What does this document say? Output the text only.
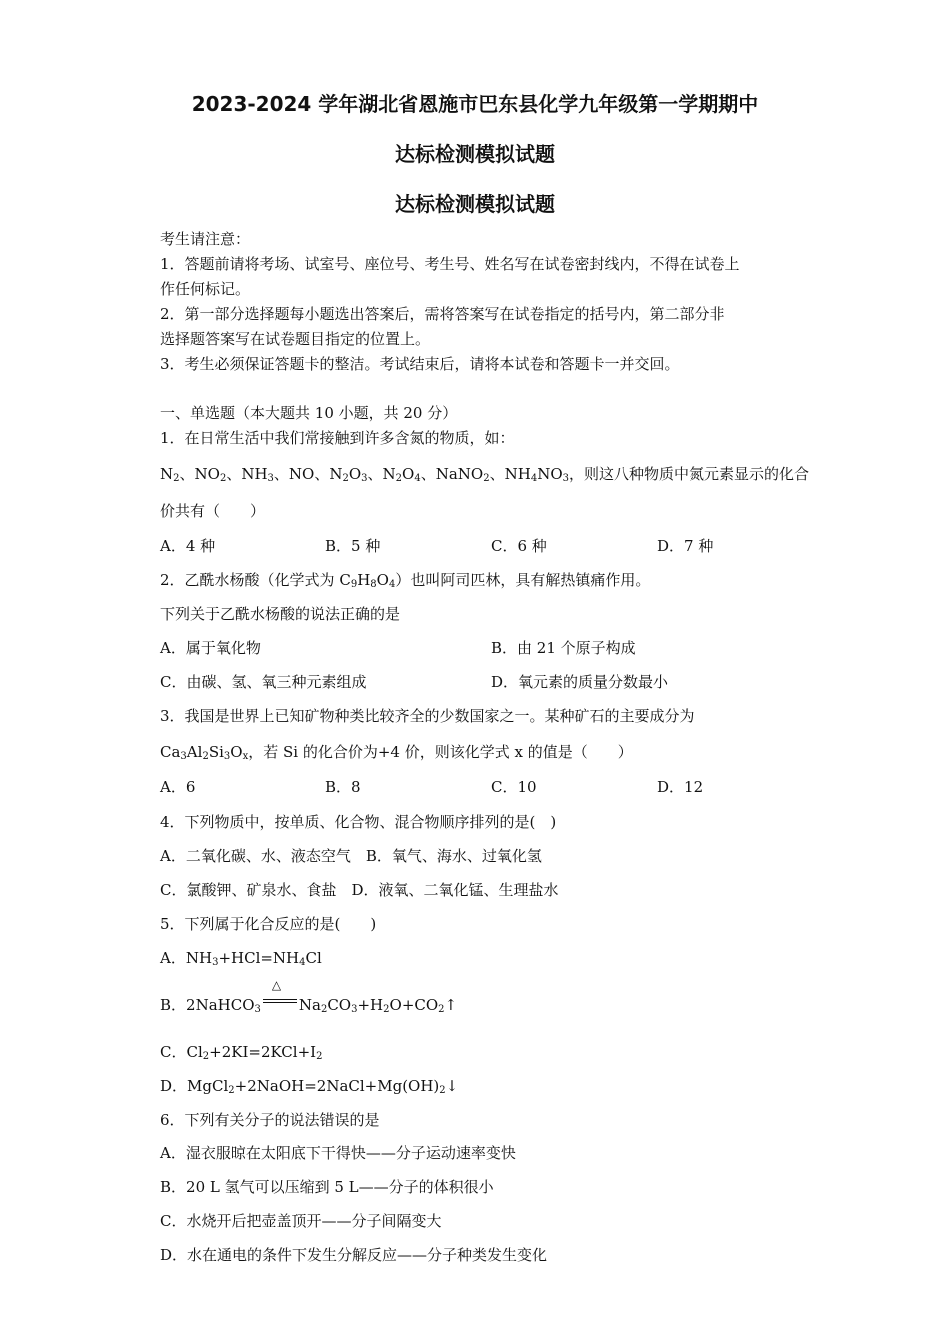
2023-2024 学年湖北省恩施市巴东县化学九年级第一学期期中
达标检测模拟试题
达标检测模拟试题
考生请注意：
1．答题前请将考场、试室号、座位号、考生号、姓名写在试卷密封线内，不得在试卷上
作任何标记。
2．第一部分选择题每小题选出答案后，需将答案写在试卷指定的括号内，第二部分非
选择题答案写在试卷题目指定的位置上。
3．考生必须保证答题卡的整洁。考试结束后，请将本试卷和答题卡一并交回。
一、单选题（本大题共 10 小题，共 20 分）
1．在日常生活中我们常接触到许多含氮的物质，如：
$N_2$、$NO_2$、$NH_3$、NO、$N_2O_3$、$N_2O_4$、NaNO$_2$、$NH_4NO_3$，则这八种物质中氮元素显示的化合
价共有（　　）
A．4 种	B．5 种	C．6 种	D．7 种
2．乙酰水杨酸（化学式为 $C_9H_8O_4$）也叫阿司匹林，具有解热镇痛作用。
下列关于乙酰水杨酸的说法正确的是
A．属于氧化物	B．由 21 个原子构成
C．由碳、氢、氧三种元素组成	D．氧元素的质量分数最小
3．我国是世界上已知矿物种类比较齐全的少数国家之一。某种矿石的主要成分为
$Ca_3Al_2Si_3O_x$，若 Si 的化合价为+4 价，则该化学式 x 的值是（　　）
A．6	B．8	C．10	D．12
4．下列物质中，按单质、化合物、混合物顺序排列的是(　)
A．二氧化碳、水、液态空气　B．氧气、海水、过氧化氢
C．氯酸钾、矿泉水、食盐　D．液氧、二氧化锰、生理盐水
5．下列属于化合反应的是(　　)
A．$NH_3+HCl=NH_4Cl$
B．2NaHCO$_3$
△
$Na_2CO_3+H_2O+CO_2↑$
C．$Cl_2+2KI=2KCl+I_2$
D．$MgCl_2+2NaOH=2NaCl+Mg(OH)_2↓$
6．下列有关分子的说法错误的是
A．湿衣服晾在太阳底下干得快——分子运动速率变快
B．20 L 氢气可以压缩到 5 L——分子的体积很小
C．水烧开后把壶盖顶开——分子间隔变大
D．水在通电的条件下发生分解反应——分子种类发生变化
